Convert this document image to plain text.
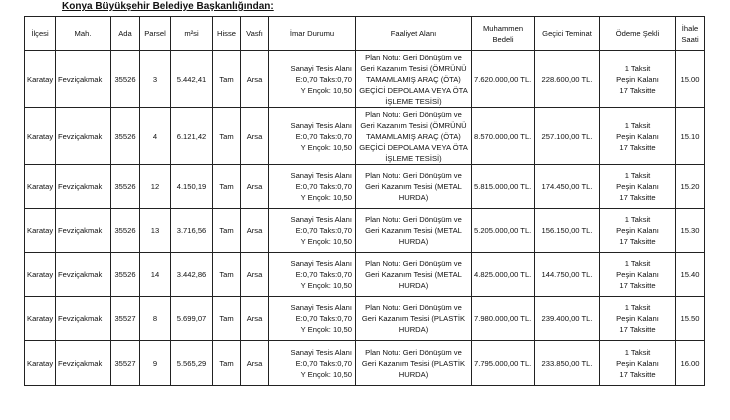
Konya Büyükşehir Belediye Başkanlığından:
İlçesi	Mah.	Ada	Parsel	m²si	Hisse	Vasfı	İmar Durumu	Faaliyet Alanı	Muhammen
Bedeli	Geçici Teminat	Ödeme Şekli	İhale
Saati

Karatay	Fevziçakmak	35526	3	5.442,41	Tam	Arsa	Sanayi Tesis Alanı
E:0,70 Taks:0,70
Y Ençok: 10,50	Plan Notu: Geri Dönüşüm ve
Geri Kazanım Tesisi (ÖMRÜNÜ
TAMAMLAMIŞ ARAÇ (ÖTA)
GEÇİCİ DEPOLAMA VEYA ÖTA
İŞLEME TESİSİ)	7.620.000,00 TL.	228.600,00 TL.	1 Taksit
Peşin Kalanı
17 Taksitte	15.00
Karatay	Fevziçakmak	35526	4	6.121,42	Tam	Arsa	Sanayi Tesis Alanı
E:0,70 Taks:0,70
Y Ençok: 10,50	Plan Notu: Geri Dönüşüm ve
Geri Kazanım Tesisi (ÖMRÜNÜ
TAMAMLAMIŞ ARAÇ (ÖTA)
GEÇİCİ DEPOLAMA VEYA ÖTA
İŞLEME TESİSİ)	8.570.000,00 TL.	257.100,00 TL.	1 Taksit
Peşin Kalanı
17 Taksitte	15.10
Karatay	Fevziçakmak	35526	12	4.150,19	Tam	Arsa	Sanayi Tesis Alanı
E:0,70 Taks:0,70
Y Ençok: 10,50	Plan Notu: Geri Dönüşüm ve
Geri Kazanım Tesisi (METAL
HURDA)	5.815.000,00 TL.	174.450,00 TL.	1 Taksit
Peşin Kalanı
17 Taksitte	15.20
Karatay	Fevziçakmak	35526	13	3.716,56	Tam	Arsa	Sanayi Tesis Alanı
E:0,70 Taks:0,70
Y Ençok: 10,50	Plan Notu: Geri Dönüşüm ve
Geri Kazanım Tesisi (METAL
HURDA)	5.205.000,00 TL.	156.150,00 TL.	1 Taksit
Peşin Kalanı
17 Taksitte	15.30
Karatay	Fevziçakmak	35526	14	3.442,86	Tam	Arsa	Sanayi Tesis Alanı
E:0,70 Taks:0,70
Y Ençok: 10,50	Plan Notu: Geri Dönüşüm ve
Geri Kazanım Tesisi (METAL
HURDA)	4.825.000,00 TL.	144.750,00 TL.	1 Taksit
Peşin Kalanı
17 Taksitte	15.40
Karatay	Fevziçakmak	35527	8	5.699,07	Tam	Arsa	Sanayi Tesis Alanı
E:0,70 Taks:0,70
Y Ençok: 10,50	Plan Notu: Geri Dönüşüm ve
Geri Kazanım Tesisi (PLASTİK
HURDA)	7.980.000,00 TL.	239.400,00 TL.	1 Taksit
Peşin Kalanı
17 Taksitte	15.50
Karatay	Fevziçakmak	35527	9	5.565,29	Tam	Arsa	Sanayi Tesis Alanı
E:0,70 Taks:0,70
Y Ençok: 10,50	Plan Notu: Geri Dönüşüm ve
Geri Kazanım Tesisi (PLASTİK
HURDA)	7.795.000,00 TL.	233.850,00 TL.	1 Taksit
Peşin Kalanı
17 Taksitte	16.00
